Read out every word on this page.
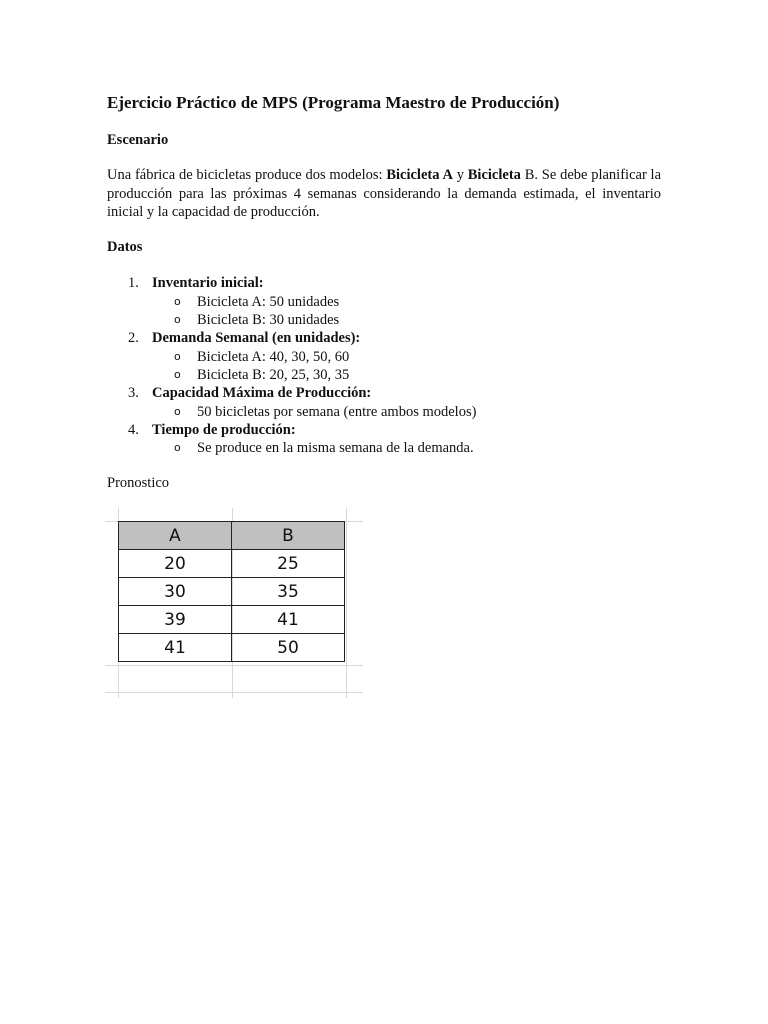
Ejercicio Práctico de MPS (Programa Maestro de Producción)
Escenario

Una fábrica de bicicletas produce dos modelos: Bicicleta A y Bicicleta B. Se debe planificar la producción para las próximas 4 semanas considerando la demanda estimada, el inventario inicial y la capacidad de producción.

Datos
1. Inventario inicial:
o Bicicleta A: 50 unidades
o Bicicleta B: 30 unidades
2. Demanda Semanal (en unidades):
o Bicicleta A: 40, 30, 50, 60
o Bicicleta B: 20, 25, 30, 35
3. Capacidad Máxima de Producción:
o 50 bicicletas por semana (entre ambos modelos)
4. Tiempo de producción:
o Se produce en la misma semana de la demanda.
Pronostico
A	B
20	25
30	35
39	41
41	50
